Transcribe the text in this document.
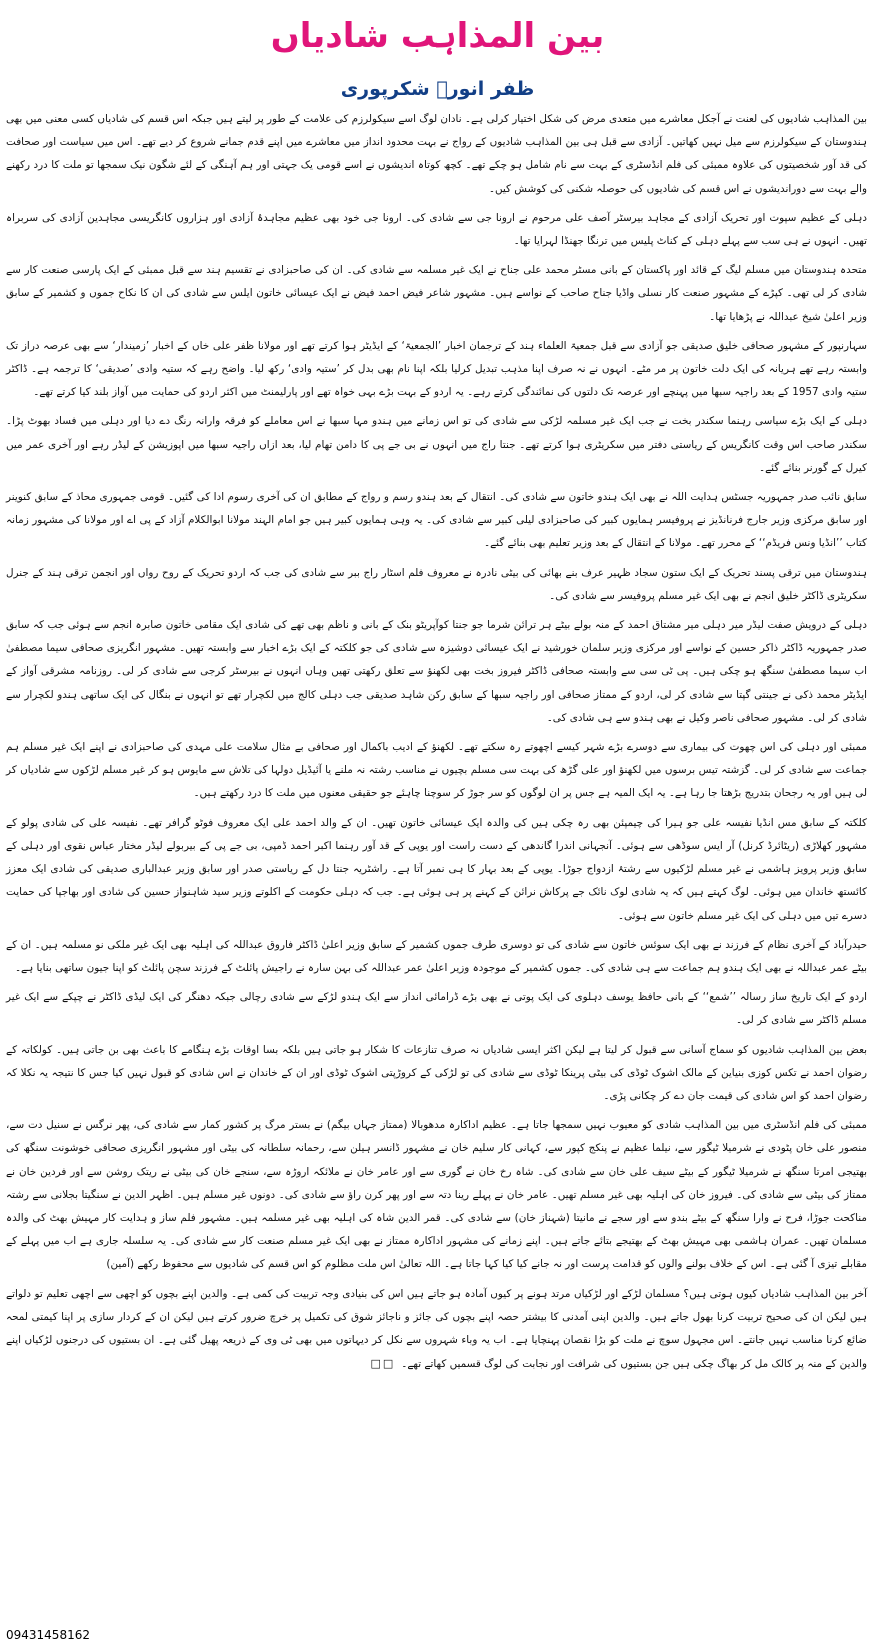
بین المذاہب شادیاں
ظفر انورؔ شکرپوری

بین المذاہب شادیوں کی لعنت نے آجکل معاشرے میں متعدی مرض کی شکل اختیار کرلی ہے۔ نادان لوگ اسے سیکولرزم کی علامت کے طور پر لیتے ہیں جبکہ اس قسم کی شادیاں کسی معنی میں بھی ہندوستان کے سیکولرزم سے میل نہیں کھاتیں۔ آزادی سے قبل ہی بین المذاہب شادیوں کے رواج نے بہت محدود انداز میں معاشرے میں اپنے قدم جمانے شروع کر دیے تھے۔ اس میں سیاست اور صحافت کی قد آور شخصیتوں کی علاوہ ممبئی کی فلم انڈسٹری کے بہت سے نام شامل ہو چکے تھے۔ کچھ کوتاہ اندیشوں نے اسے قومی یک جہتی اور ہم آہنگی کے لئے شگون نیک سمجھا تو ملت کا درد رکھنے والے بہت سے دوراندیشوں نے اس قسم کی شادیوں کی حوصلہ شکنی کی کوشش کیں۔

دہلی کے عظیم سپوت اور تحریک آزادی کے مجاہد بیرسٹر آصف علی مرحوم نے ارونا جی سے شادی کی۔ ارونا جی خود بھی عظیم مجاہدۂ آزادی اور ہزاروں کانگریسی مجاہدین آزادی کی سربراہ تھیں۔ انہوں نے ہی سب سے پہلے دہلی کے کناٹ پلیس میں ترنگا جھنڈا لہرایا تھا۔

متحدہ ہندوستان میں مسلم لیگ کے قائد اور پاکستان کے بانی مسٹر محمد علی جناح نے ایک غیر مسلمہ سے شادی کی۔ ان کی صاحبزادی نے تقسیم ہند سے قبل ممبئی کے ایک پارسی صنعت کار سے شادی کر لی تھی۔ کپڑے کے مشہور صنعت کار نسلی واڈیا جناح صاحب کے نواسے ہیں۔ مشہور شاعر فیض احمد فیض نے ایک عیسائی خاتون ایلس سے شادی کی ان کا نکاح جموں و کشمیر کے سابق وزیر اعلیٰ شیخ عبداللہ نے پڑھایا تھا۔

سہارنپور کے مشہور صحافی خلیق صدیقی جو آزادی سے قبل جمعیۃ العلماء ہند کے ترجمان اخبار ’الجمعیۃ‘ کے ایڈیٹر ہوا کرتے تھے اور مولانا ظفر علی خاں کے اخبار ’زمیندار‘ سے بھی عرصہ دراز تک وابستہ رہے تھے ہریانہ کی ایک دلت خاتون پر مر مٹے۔ انہوں نے نہ صرف اپنا مذہب تبدیل کرلیا بلکہ اپنا نام بھی بدل کر ’ستیہ وادی‘ رکھ لیا۔ واضح رہے کہ ستیہ وادی ’صدیقی‘ کا ترجمہ ہے۔ ڈاکٹر ستیہ وادی 1957 کے بعد راجیہ سبھا میں پہنچے اور عرصہ تک دلتوں کی نمائندگی کرتے رہے۔ یہ اردو کے بہت بڑے بہی خواہ تھے اور پارلیمنٹ میں اکثر اردو کی حمایت میں آواز بلند کیا کرتے تھے۔

دہلی کے ایک بڑے سیاسی رہنما سکندر بخت نے جب ایک غیر مسلمہ لڑکی سے شادی کی تو اس زمانے میں ہندو مہا سبھا نے اس معاملے کو فرقہ وارانہ رنگ دے دیا اور دہلی میں فساد بھوٹ پڑا۔ سکندر صاحب اس وقت کانگریس کے ریاستی دفتر میں سکریٹری ہوا کرتے تھے۔ جنتا راج میں انہوں نے بی جے پی کا دامن تھام لیا، بعد ازاں راجیہ سبھا میں اپوزیشن کے لیڈر رہے اور آخری عمر میں کیرل کے گورنر بنائے گئے۔

سابق نائب صدر جمہوریہ جسٹس ہدایت اللہ نے بھی ایک ہندو خاتون سے شادی کی۔ انتقال کے بعد ہندو رسم و رواج کے مطابق ان کی آخری رسوم ادا کی گئیں۔ قومی جمہوری محاذ کے سابق کنوینر اور سابق مرکزی وزیر جارج فرنانڈیز نے پروفیسر ہمایوں کبیر کی صاحبزادی لیلی کبیر سے شادی کی۔ یہ وہی ہمایوں کبیر ہیں جو امام الہند مولانا ابوالکلام آزاد کے پی اے اور مولانا کی مشہور زمانہ کتاب ’’انڈیا ونس فریڈم‘‘ کے محرر تھے۔ مولانا کے انتقال کے بعد وزیر تعلیم بھی بنائے گئے۔

ہندوستان میں ترقی پسند تحریک کے ایک ستون سجاد ظہیر عرف بنے بھائی کی بیٹی نادرہ نے معروف فلم اسٹار راج ببر سے شادی کی جب کہ اردو تحریک کے روح رواں اور انجمن ترقی ہند کے جنرل سکریٹری ڈاکٹر خلیق انجم نے بھی ایک غیر مسلم پروفیسر سے شادی کی۔

دہلی کے درویش صفت لیڈر میر دہلی میر مشتاق احمد کے منہ بولے بیٹے ہر ترائن شرما جو جنتا کوآپریٹو بنک کے بانی و ناظم بھی تھے کی شادی ایک مقامی خاتون صابرہ انجم سے ہوئی جب کہ سابق صدر جمہوریہ ڈاکٹر ذاکر حسین کے نواسے اور مرکزی وزیر سلمان خورشید نے ایک عیسائی دوشیزہ سے شادی کی جو کلکتہ کے ایک بڑے اخبار سے وابستہ تھیں۔ مشہور انگریزی صحافی سیما مصطفیٰ اب سیما مصطفیٰ سنگھ ہو چکی ہیں۔ پی ٹی سی سے وابستہ صحافی ڈاکٹر فیروز بخت بھی لکھنؤ سے تعلق رکھتی تھیں وہاں انہوں نے بیرسٹر کرجی سے شادی کر لی۔ روزنامہ مشرقی آواز کے ایڈیٹر محمد ذکی نے جینتی گپتا سے شادی کر لی، اردو کے ممتاز صحافی اور راجیہ سبھا کے سابق رکن شاہد صدیقی جب دہلی کالج میں لکچرار تھے تو انہوں نے بنگال کی ایک ساتھی ہندو لکچرار سے شادی کر لی۔ مشہور صحافی ناصر وکیل نے بھی ہندو سے ہی شادی کی۔

ممبئی اور دہلی کی اس چھوت کی بیماری سے دوسرے بڑے شہر کیسے اچھوتے رہ سکتے تھے۔ لکھنؤ کے ادیب باکمال اور صحافی بے مثال سلامت علی مہدی کی صاحبزادی نے اپنے ایک غیر مسلم ہم جماعت سے شادی کر لی۔ گزشتہ تیس برسوں میں لکھنؤ اور علی گڑھ کی بہت سی مسلم بچیوں نے مناسب رشتہ نہ ملنے یا آئیڈیل دولہا کی تلاش سے مایوس ہو کر غیر مسلم لڑکوں سے شادیاں کر لی ہیں اور یہ رجحان بتدریج بڑھتا جا رہا ہے۔ یہ ایک المیہ ہے جس پر ان لوگوں کو سر جوڑ کر سوچنا چاہئے جو حقیقی معنوں میں ملت کا درد رکھتے ہیں۔

کلکتہ کے سابق مس انڈیا نفیسہ علی جو ہیرا کی چیمپئن بھی رہ چکی ہیں کی والدہ ایک عیسائی خاتون تھیں۔ ان کے والد احمد علی ایک معروف فوٹو گرافر تھے۔ نفیسہ علی کی شادی پولو کے مشہور کھلاڑی (ریٹائرڈ کرنل) آر ایس سوڈھی سے ہوئی۔ آنجہانی اندرا گاندھی کے دست راست اور یوپی کے قد آور رہنما اکبر احمد ڈمپی، بی جے پی کے بیربولے لیڈر مختار عباس نقوی اور دہلی کے سابق وزیر پرویز ہاشمی نے غیر مسلم لڑکیوں سے رشتۂ ازدواج جوڑا۔ یوپی کے بعد بہار کا ہی نمبر آتا ہے۔ راشٹریہ جنتا دل کے ریاستی صدر اور سابق وزیر عبدالباری صدیقی کی شادی ایک معزز کائستھ خاندان میں ہوئی۔ لوگ کہتے ہیں کہ یہ شادی لوک نائک جے پرکاش نرائن کے کہنے پر ہی ہوئی ہے۔ جب کہ دہلی حکومت کے اکلوتے وزیر سید شاہنواز حسین کی شادی اور بھاجپا کی حمایت دسرے تیں میں دہلی کی ایک غیر مسلم خاتون سے ہوئی۔

حیدرآباد کے آخری نظام کے فرزند نے بھی ایک سوئس خاتون سے شادی کی تو دوسری طرف جموں کشمیر کے سابق وزیر اعلیٰ ڈاکٹر فاروق عبداللہ کی اہلیہ بھی ایک غیر ملکی نو مسلمہ ہیں۔ ان کے بیٹے عمر عبداللہ نے بھی ایک ہندو ہم جماعت سے ہی شادی کی۔ جموں کشمیر کے موجودہ وزیر اعلیٰ عمر عبداللہ کی بہن سارہ نے راجیش پائلٹ کے فرزند سچن پائلٹ کو اپنا جیون ساتھی بنایا ہے۔

اردو کے ایک تاریخ ساز رسالہ ’’شمع‘‘ کے بانی حافظ یوسف دہلوی کی ایک پوتی نے بھی بڑے ڈرامائی انداز سے ایک ہندو لڑکے سے شادی رچالی جبکہ دھنگر کی ایک لیڈی ڈاکٹر نے چپکے سے ایک غیر مسلم ڈاکٹر سے شادی کر لی۔

بعض بین المذاہب شادیوں کو سماج آسانی سے قبول کر لیتا ہے لیکن اکثر ایسی شادیاں نہ صرف تنازعات کا شکار ہو جاتی ہیں بلکہ بسا اوقات بڑے ہنگامے کا باعث بھی بن جاتی ہیں۔ کولکاتہ کے رضوان احمد نے تکس کوزی بنیاین کے مالک اشوک ٹوڈی کی بیٹی پرینکا ٹوڈی سے شادی کی تو لڑکی کے کروڑپتی اشوک ٹوڈی اور ان کے خاندان نے اس شادی کو قبول نہیں کیا جس کا نتیجہ یہ نکلا کہ رضوان احمد کو اس شادی کی قیمت جان دے کر چکانی پڑی۔

ممبئی کی فلم انڈسٹری میں بین المذاہب شادی کو معیوب نہیں سمجھا جاتا ہے۔ عظیم اداکارہ مدھوبالا (ممتاز جہاں بیگم) نے بستر مرگ پر کشور کمار سے شادی کی، پھر نرگس نے سنیل دت سے، منصور علی خان پٹودی نے شرمیلا ٹیگور سے، نیلما عظیم نے پنکج کپور سے، کہانی کار سلیم خان نے مشہور ڈانسر ہیلن سے، رحمانہ سلطانہ کی بیٹی اور مشہور انگریزی صحافی خوشونت سنگھ کی بھتیجی امرتا سنگھ نے شرمیلا ٹیگور کے بیٹے سیف علی خان سے شادی کی۔ شاہ رخ خان نے گوری سے اور عامر خان نے ملائکہ اروڑہ سے، سنجے خان کی بیٹی نے ریتک روشن سے اور فردین خان نے ممتاز کی بیٹی سے شادی کی۔ فیروز خان کی اہلیہ بھی غیر مسلم تھیں۔ عامر خان نے پہلے رینا دتہ سے اور پھر کرن راؤ سے شادی کی۔ دونوں غیر مسلم ہیں۔ اظہر الدین نے سنگیتا بجلانی سے رشتہ مناکحت جوڑا، فرح نے وارا سنگھ کے بیٹے بندو سے اور سجے نے مانیتا (شہناز خان) سے شادی کی۔ قمر الدین شاہ کی اہلیہ بھی غیر مسلمہ ہیں۔ مشہور فلم ساز و ہدایت کار مہیش بھٹ کی والدہ مسلمان تھیں۔ عمران ہاشمی بھی مہیش بھٹ کے بھتیجے بتائے جاتے ہیں۔ اپنے زمانے کی مشہور اداکارہ ممتاز نے بھی ایک غیر مسلم صنعت کار سے شادی کی۔ یہ سلسلہ جاری ہے اب میں پہلے کے مقابلے تیزی آ گئی ہے۔ اس کے خلاف بولنے والوں کو قدامت پرست اور نہ جانے کیا کیا کہا جاتا ہے۔ اللہ تعالیٰ اس ملت مظلوم کو اس قسم کی شادیوں سے محفوظ رکھے (آمین)

آخر بین المذاہب شادیاں کیوں ہوتی ہیں؟ مسلمان لڑکے اور لڑکیاں مرتد ہونے پر کیوں آمادہ ہو جاتے ہیں اس کی بنیادی وجہ تربیت کی کمی ہے۔ والدین اپنے بچوں کو اچھی سے اچھی تعلیم تو دلواتے ہیں لیکن ان کی صحیح تربیت کرنا بھول جاتے ہیں۔ والدین اپنی آمدنی کا بیشتر حصہ اپنے بچوں کی جائز و ناجائز شوق کی تکمیل پر خرچ ضرور کرتے ہیں لیکن ان کے کردار سازی پر اپنا کیمتی لمحہ ضائع کرنا مناسب نہیں جانتے۔ اس مجہول سوچ نے ملت کو بڑا نقصان پہنچایا ہے۔ اب یہ وباء شہروں سے نکل کر دیہاتوں میں بھی ٹی وی کے ذریعہ پھیل گئی ہے۔ ان بستیوں کی درجنوں لڑکیاں اپنے والدین کے منہ پر کالک مل کر بھاگ چکی ہیں جن بستیوں کی شرافت اور نجابت کی لوگ قسمیں کھاتے تھے۔□□

09431458162
